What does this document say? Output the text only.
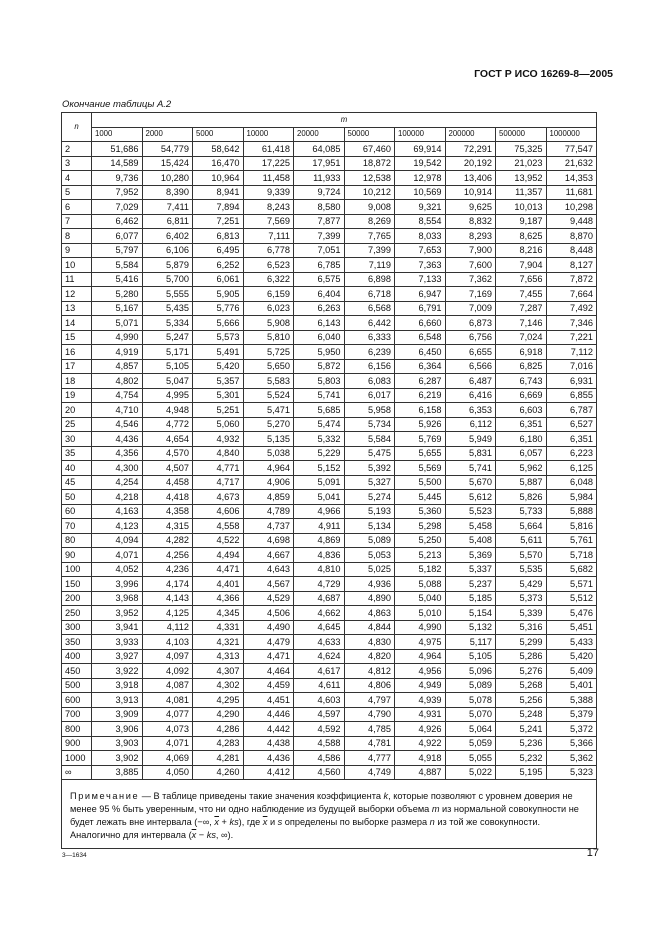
ГОСТ Р ИСО 16269-8—2005
Окончание таблицы А.2
n	m									
	1000	2000	5000	10000	20000	50000	100000	200000	500000	1000000
2	51,686	54,779	58,642	61,418	64,085	67,460	69,914	72,291	75,325	77,547
3	14,589	15,424	16,470	17,225	17,951	18,872	19,542	20,192	21,023	21,632
4	9,736	10,280	10,964	11,458	11,933	12,538	12,978	13,406	13,952	14,353
5	7,952	8,390	8,941	9,339	9,724	10,212	10,569	10,914	11,357	11,681
6	7,029	7,411	7,894	8,243	8,580	9,008	9,321	9,625	10,013	10,298
7	6,462	6,811	7,251	7,569	7,877	8,269	8,554	8,832	9,187	9,448
8	6,077	6,402	6,813	7,111	7,399	7,765	8,033	8,293	8,625	8,870
9	5,797	6,106	6,495	6,778	7,051	7,399	7,653	7,900	8,216	8,448
10	5,584	5,879	6,252	6,523	6,785	7,119	7,363	7,600	7,904	8,127
11	5,416	5,700	6,061	6,322	6,575	6,898	7,133	7,362	7,656	7,872
12	5,280	5,555	5,905	6,159	6,404	6,718	6,947	7,169	7,455	7,664
13	5,167	5,435	5,776	6,023	6,263	6,568	6,791	7,009	7,287	7,492
14	5,071	5,334	5,666	5,908	6,143	6,442	6,660	6,873	7,146	7,346
15	4,990	5,247	5,573	5,810	6,040	6,333	6,548	6,756	7,024	7,221
16	4,919	5,171	5,491	5,725	5,950	6,239	6,450	6,655	6,918	7,112
17	4,857	5,105	5,420	5,650	5,872	6,156	6,364	6,566	6,825	7,016
18	4,802	5,047	5,357	5,583	5,803	6,083	6,287	6,487	6,743	6,931
19	4,754	4,995	5,301	5,524	5,741	6,017	6,219	6,416	6,669	6,855
20	4,710	4,948	5,251	5,471	5,685	5,958	6,158	6,353	6,603	6,787
25	4,546	4,772	5,060	5,270	5,474	5,734	5,926	6,112	6,351	6,527
30	4,436	4,654	4,932	5,135	5,332	5,584	5,769	5,949	6,180	6,351
35	4,356	4,570	4,840	5,038	5,229	5,475	5,655	5,831	6,057	6,223
40	4,300	4,507	4,771	4,964	5,152	5,392	5,569	5,741	5,962	6,125
45	4,254	4,458	4,717	4,906	5,091	5,327	5,500	5,670	5,887	6,048
50	4,218	4,418	4,673	4,859	5,041	5,274	5,445	5,612	5,826	5,984
60	4,163	4,358	4,606	4,789	4,966	5,193	5,360	5,523	5,733	5,888
70	4,123	4,315	4,558	4,737	4,911	5,134	5,298	5,458	5,664	5,816
80	4,094	4,282	4,522	4,698	4,869	5,089	5,250	5,408	5,611	5,761
90	4,071	4,256	4,494	4,667	4,836	5,053	5,213	5,369	5,570	5,718
100	4,052	4,236	4,471	4,643	4,810	5,025	5,182	5,337	5,535	5,682
150	3,996	4,174	4,401	4,567	4,729	4,936	5,088	5,237	5,429	5,571
200	3,968	4,143	4,366	4,529	4,687	4,890	5,040	5,185	5,373	5,512
250	3,952	4,125	4,345	4,506	4,662	4,863	5,010	5,154	5,339	5,476
300	3,941	4,112	4,331	4,490	4,645	4,844	4,990	5,132	5,316	5,451
350	3,933	4,103	4,321	4,479	4,633	4,830	4,975	5,117	5,299	5,433
400	3,927	4,097	4,313	4,471	4,624	4,820	4,964	5,105	5,286	5,420
450	3,922	4,092	4,307	4,464	4,617	4,812	4,956	5,096	5,276	5,409
500	3,918	4,087	4,302	4,459	4,611	4,806	4,949	5,089	5,268	5,401
600	3,913	4,081	4,295	4,451	4,603	4,797	4,939	5,078	5,256	5,388
700	3,909	4,077	4,290	4,446	4,597	4,790	4,931	5,070	5,248	5,379
800	3,906	4,073	4,286	4,442	4,592	4,785	4,926	5,064	5,241	5,372
900	3,903	4,071	4,283	4,438	4,588	4,781	4,922	5,059	5,236	5,366
1000	3,902	4,069	4,281	4,436	4,586	4,777	4,918	5,055	5,232	5,362
∞	3,885	4,050	4,260	4,412	4,560	4,749	4,887	5,022	5,195	5,323
Примечание — В таблице приведены такие значения коэффициента k, которые позволяют с уровнем доверия не менее 95 % быть уверенным, что ни одно наблюдение из будущей выборки объема m из нормальной совокупности не будет лежать вне интервала (−∞, $\overline{x} + ks$), где $\overline{x}$ и s определены по выборке размера n из той же совокупности. Аналогично для интервала ($\overline{x}$ − ks, ∞).										
3—1634	17
